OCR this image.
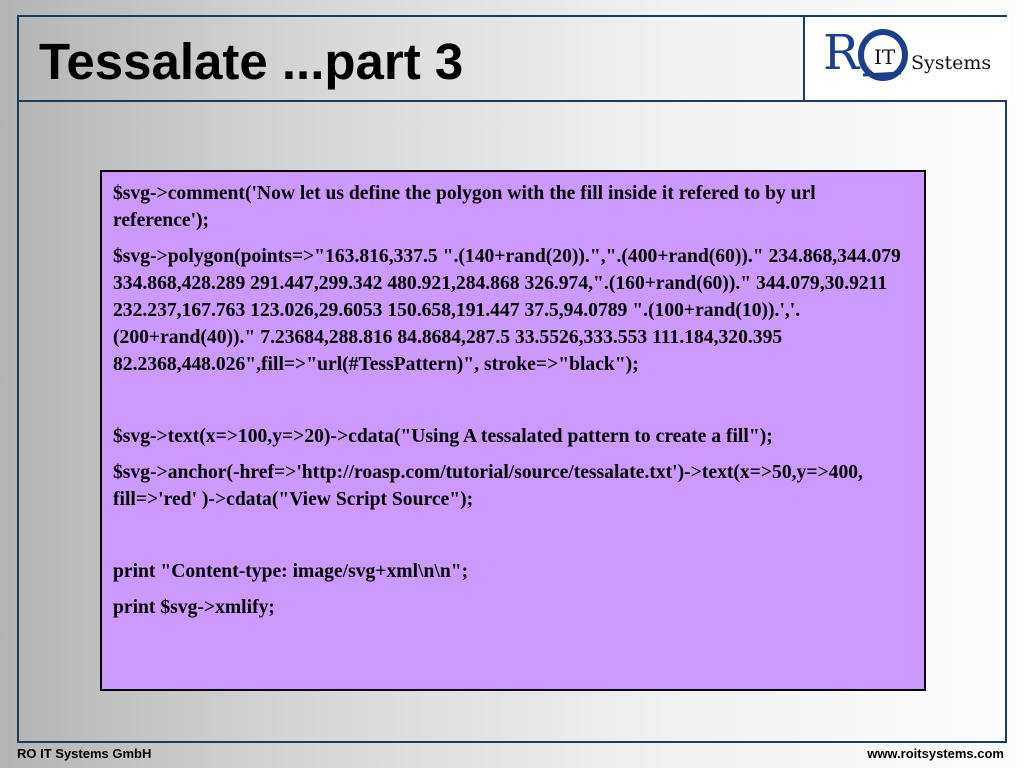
Tessalate ...part 3	R IT Systems

$svg->comment('Now let us define the polygon with the fill inside it refered to by url reference');

$svg->polygon(points=>"163.816,337.5 ".(140+rand(20)).",".(400+rand(60))." 234.868,344.079 334.868,428.289 291.447,299.342 480.921,284.868 326.974,".(160+rand(60))." 344.079,30.9211 232.237,167.763 123.026,29.6053 150.658,191.447 37.5,94.0789 ".(100+rand(10)).','.(200+rand(40))." 7.23684,288.816 84.8684,287.5 33.5526,333.553 111.184,320.395 82.2368,448.026",fill=>"url(#TessPattern)", stroke=>"black");

$svg->text(x=>100,y=>20)->cdata("Using A tessalated pattern to create a fill");

$svg->anchor(-href=>'http://roasp.com/tutorial/source/tessalate.txt')->text(x=>50,y=>400, fill=>'red' )->cdata("View Script Source");

print "Content-type: image/svg+xml\n\n";

print $svg->xmlify;

RO IT Systems GmbH	www.roitsystems.com
